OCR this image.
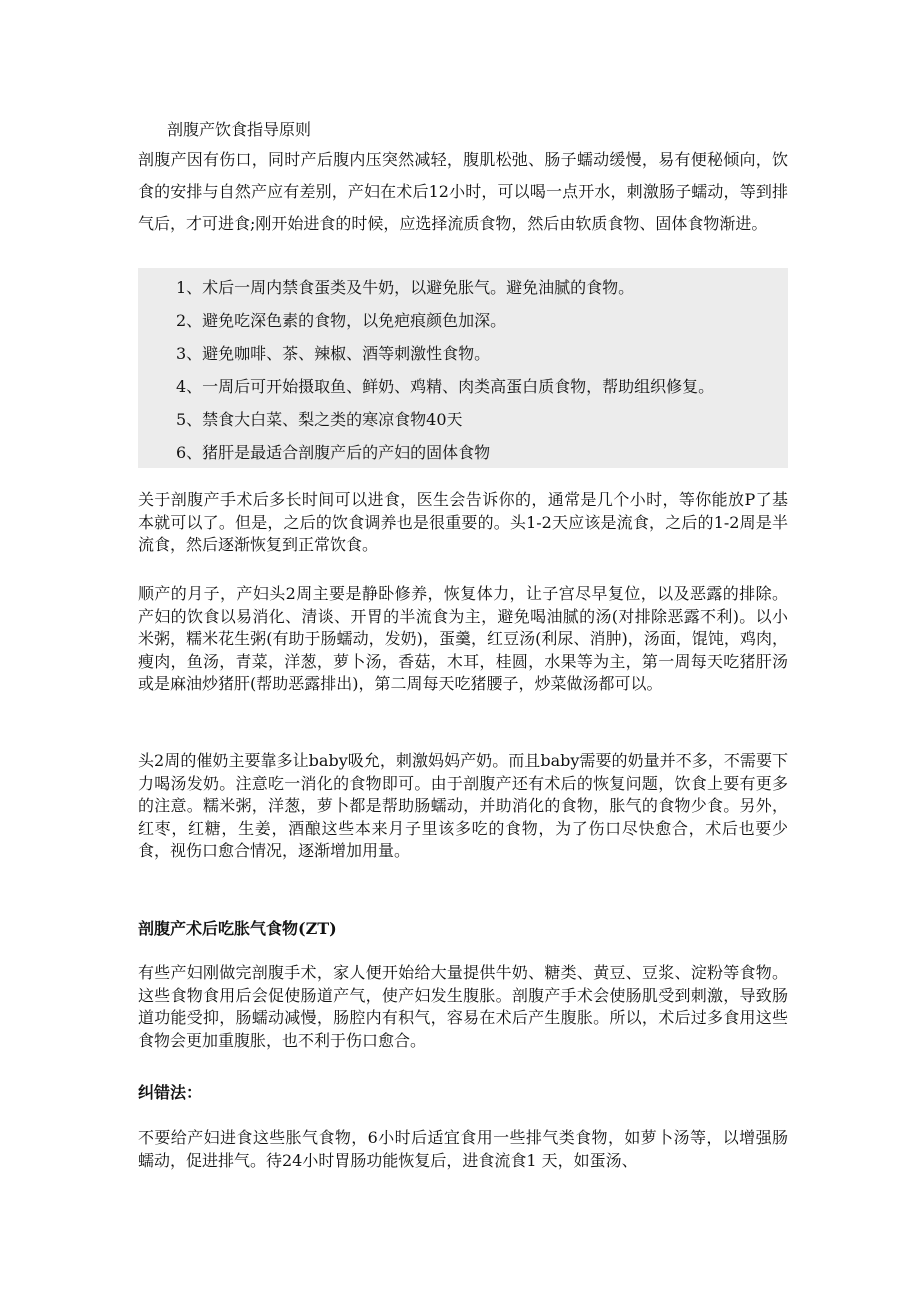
剖腹产饮食指导原则
剖腹产因有伤口，同时产后腹内压突然减轻，腹肌松弛、肠子蠕动缓慢，易有便秘倾向，饮食的安排与自然产应有差别，产妇在术后12小时，可以喝一点开水，刺激肠子蠕动，等到排气后，才可进食;刚开始进食的时候，应选择流质食物，然后由软质食物、固体食物渐进。
1、术后一周内禁食蛋类及牛奶，以避免胀气。避免油腻的食物。
2、避免吃深色素的食物，以免疤痕颜色加深。
3、避免咖啡、茶、辣椒、酒等刺激性食物。
4、一周后可开始摄取鱼、鲜奶、鸡精、肉类高蛋白质食物，帮助组织修复。
5、禁食大白菜、梨之类的寒凉食物40天
6、猪肝是最适合剖腹产后的产妇的固体食物
关于剖腹产手术后多长时间可以进食，医生会告诉你的，通常是几个小时，等你能放P了基本就可以了。但是，之后的饮食调养也是很重要的。头1-2天应该是流食，之后的1-2周是半流食，然后逐渐恢复到正常饮食。
顺产的月子，产妇头2周主要是静卧修养，恢复体力，让子宫尽早复位，以及恶露的排除。产妇的饮食以易消化、清谈、开胃的半流食为主，避免喝油腻的汤(对排除恶露不利)。以小米粥，糯米花生粥(有助于肠蠕动，发奶)，蛋羹，红豆汤(利尿、消肿)，汤面，馄饨，鸡肉，瘦肉，鱼汤，青菜，洋葱，萝卜汤，香菇，木耳，桂圆，水果等为主，第一周每天吃猪肝汤或是麻油炒猪肝(帮助恶露排出)，第二周每天吃猪腰子，炒菜做汤都可以。
头2周的催奶主要靠多让baby吸允，刺激妈妈产奶。而且baby需要的奶量并不多，不需要下力喝汤发奶。注意吃一消化的食物即可。由于剖腹产还有术后的恢复问题，饮食上要有更多的注意。糯米粥，洋葱，萝卜都是帮助肠蠕动，并助消化的食物，胀气的食物少食。另外，红枣，红糖，生姜，酒酿这些本来月子里该多吃的食物，为了伤口尽快愈合，术后也要少食，视伤口愈合情况，逐渐增加用量。
剖腹产术后吃胀气食物(ZT)
有些产妇刚做完剖腹手术，家人便开始给大量提供牛奶、糖类、黄豆、豆浆、淀粉等食物。这些食物食用后会促使肠道产气，使产妇发生腹胀。剖腹产手术会使肠肌受到刺激，导致肠道功能受抑，肠蠕动减慢，肠腔内有积气，容易在术后产生腹胀。所以，术后过多食用这些食物会更加重腹胀，也不利于伤口愈合。
纠错法：
不要给产妇进食这些胀气食物，6小时后适宜食用一些排气类食物，如萝卜汤等，以增强肠蠕动，促进排气。待24小时胃肠功能恢复后，进食流食1 天，如蛋汤、
